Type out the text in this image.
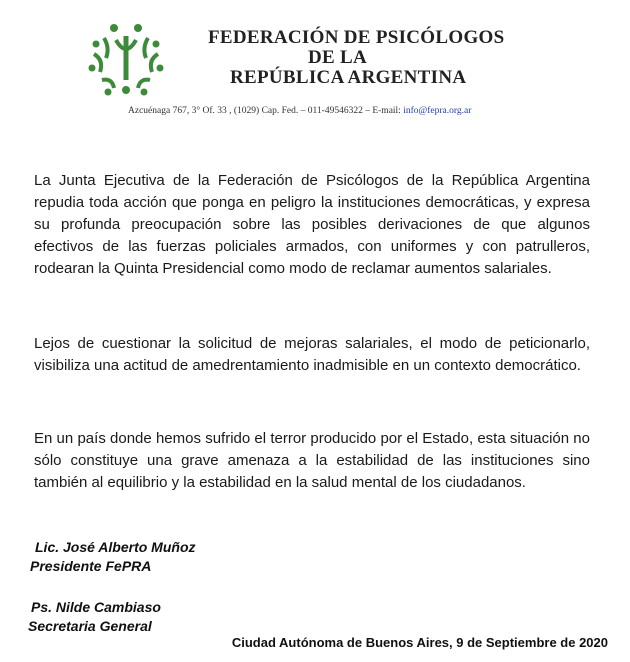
FEDERACIÓN DE PSICÓLOGOS
DE LA
REPÚBLICA ARGENTINA
Azcuénaga 767, 3° Of. 33 , (1029) Cap. Fed. – 011-49546322 – E-mail: info@fepra.org.ar

La Junta Ejecutiva de la Federación de Psicólogos de la República Argentina repudia toda acción que ponga en peligro la instituciones democráticas, y expresa su profunda preocupación sobre las posibles derivaciones de que algunos efectivos de las fuerzas policiales armados, con uniformes y con patrulleros, rodearan la Quinta Presidencial como modo de reclamar aumentos salariales.

Lejos de cuestionar la solicitud de mejoras salariales, el modo de peticionarlo, visibiliza una actitud de amedrentamiento inadmisible en un contexto democrático.

En un país donde hemos sufrido el terror producido por el Estado, esta situación no sólo constituye una grave amenaza a la estabilidad de las instituciones sino también al equilibrio y la estabilidad en la salud mental de los ciudadanos.

Lic. José Alberto Muñoz
Presidente FePRA
Ps. Nilde Cambiaso
Secretaria General
Ciudad Autónoma de Buenos Aires, 9 de Septiembre de 2020
